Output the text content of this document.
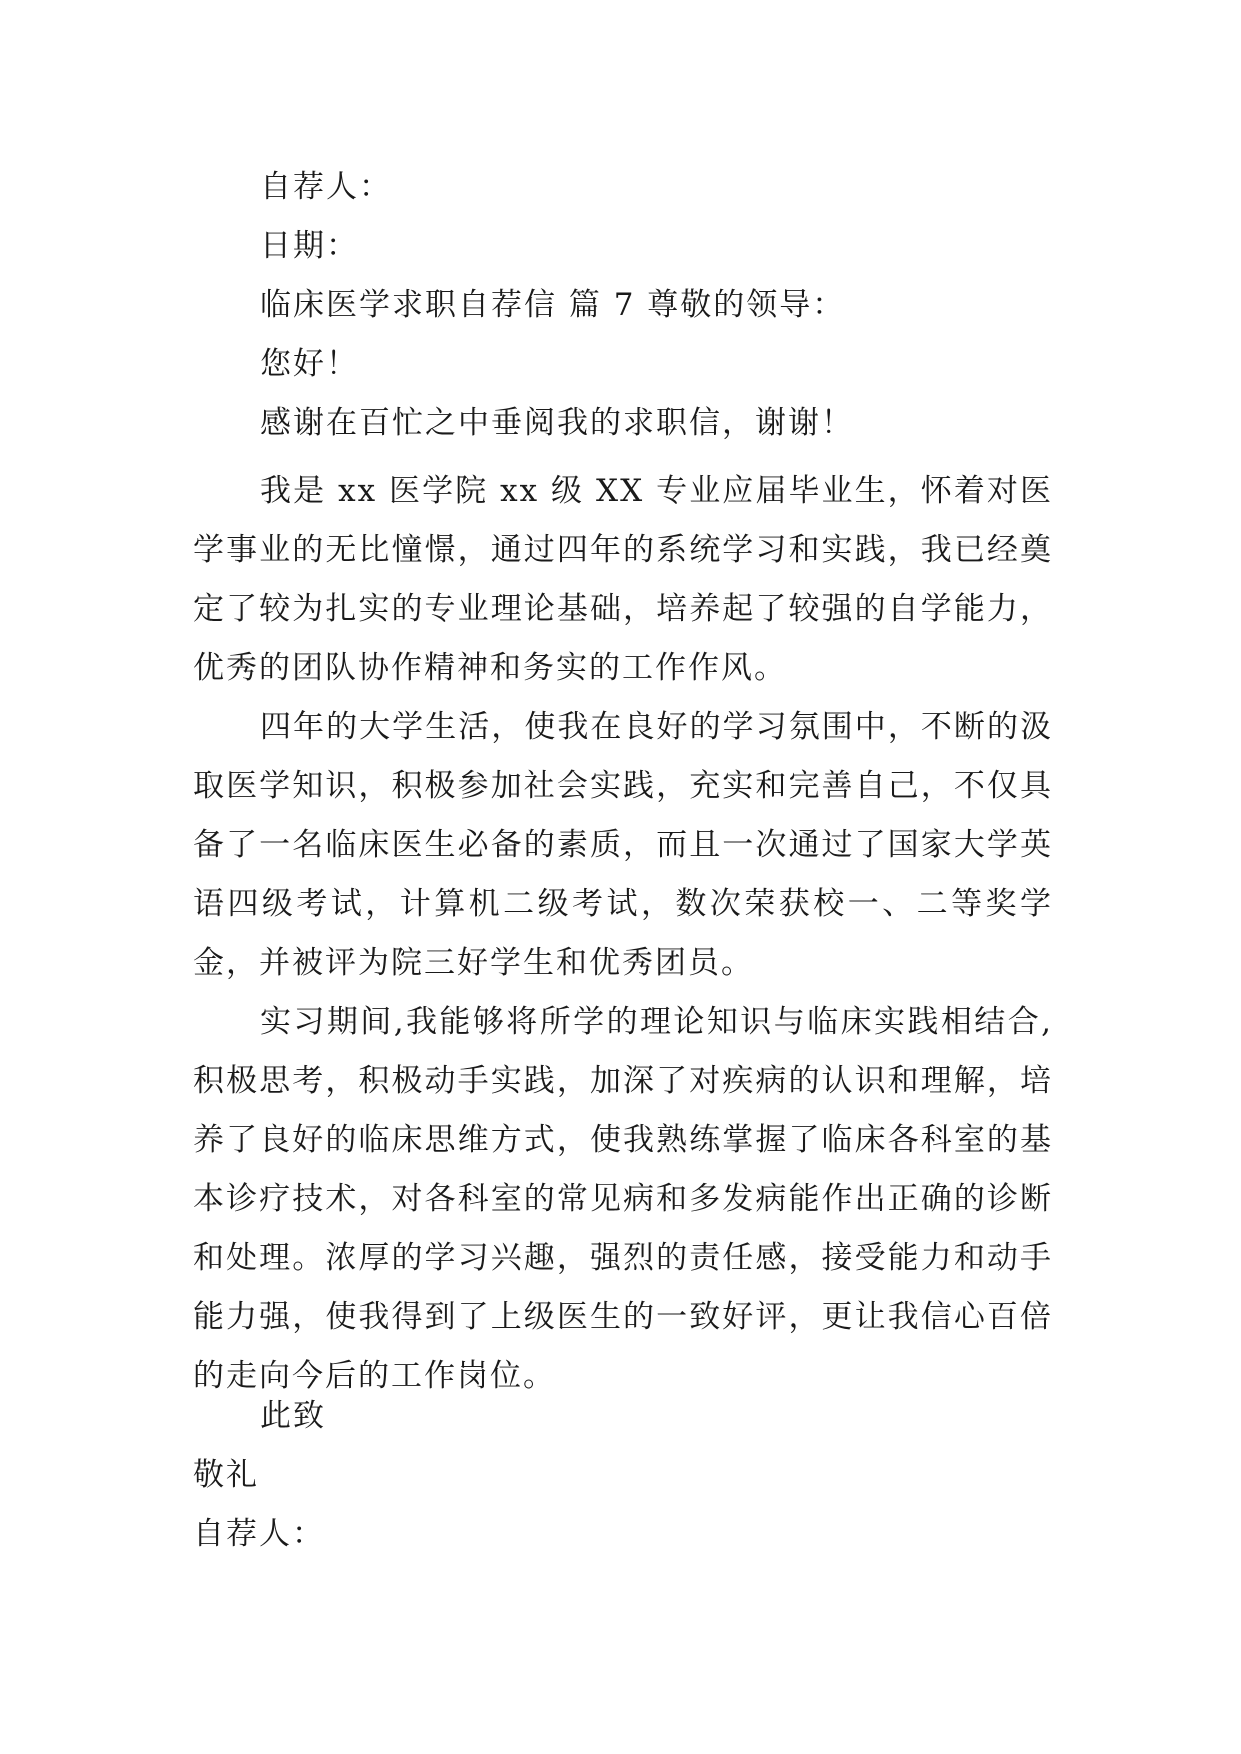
自荐人：

日期：

临床医学求职自荐信 篇 7 尊敬的领导：

您好！

感谢在百忙之中垂阅我的求职信，谢谢！

我是 xx 医学院 xx 级 XX 专业应届毕业生，怀着对医学事业的无比憧憬，通过四年的系统学习和实践，我已经奠定了较为扎实的专业理论基础，培养起了较强的自学能力，优秀的团队协作精神和务实的工作作风。

四年的大学生活，使我在良好的学习氛围中，不断的汲取医学知识，积极参加社会实践，充实和完善自己，不仅具备了一名临床医生必备的素质，而且一次通过了国家大学英语四级考试，计算机二级考试，数次荣获校一、二等奖学金，并被评为院三好学生和优秀团员。

实习期间,我能够将所学的理论知识与临床实践相结合,积极思考，积极动手实践，加深了对疾病的认识和理解，培养了良好的临床思维方式，使我熟练掌握了临床各科室的基本诊疗技术，对各科室的常见病和多发病能作出正确的诊断和处理。浓厚的学习兴趣，强烈的责任感，接受能力和动手能力强，使我得到了上级医生的一致好评，更让我信心百倍的走向今后的工作岗位。

此致

敬礼

自荐人：
